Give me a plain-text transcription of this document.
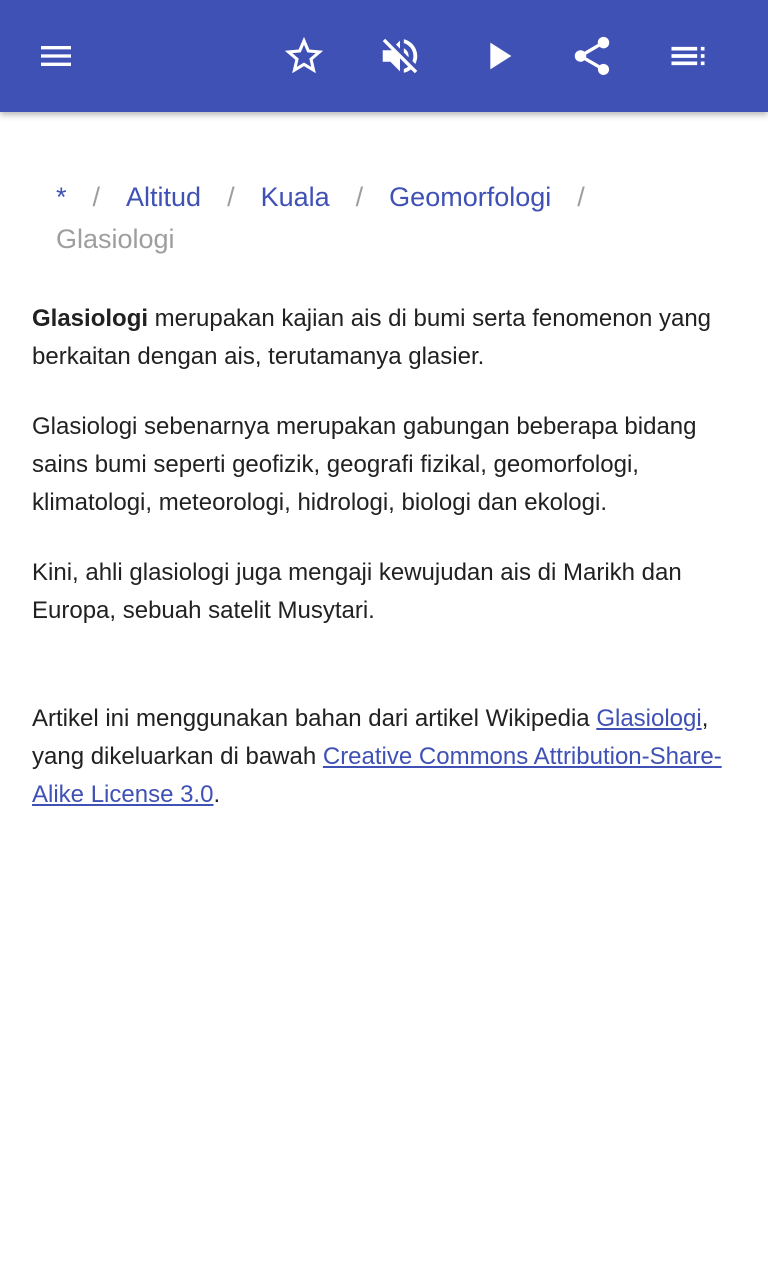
* / Altitud / Kuala / Geomorfologi /
Glasiologi

Glasiologi merupakan kajian ais di bumi serta fenomenon yang berkaitan dengan ais, terutamanya glasier.

Glasiologi sebenarnya merupakan gabungan beberapa bidang sains bumi seperti geofizik, geografi fizikal, geomorfologi, klimatologi, meteorologi, hidrologi, biologi dan ekologi.

Kini, ahli glasiologi juga mengaji kewujudan ais di Marikh dan Europa, sebuah satelit Musytari.

Artikel ini menggunakan bahan dari artikel Wikipedia Glasiologi, yang dikeluarkan di bawah Creative Commons Attribution-Share-Alike License 3.0.
